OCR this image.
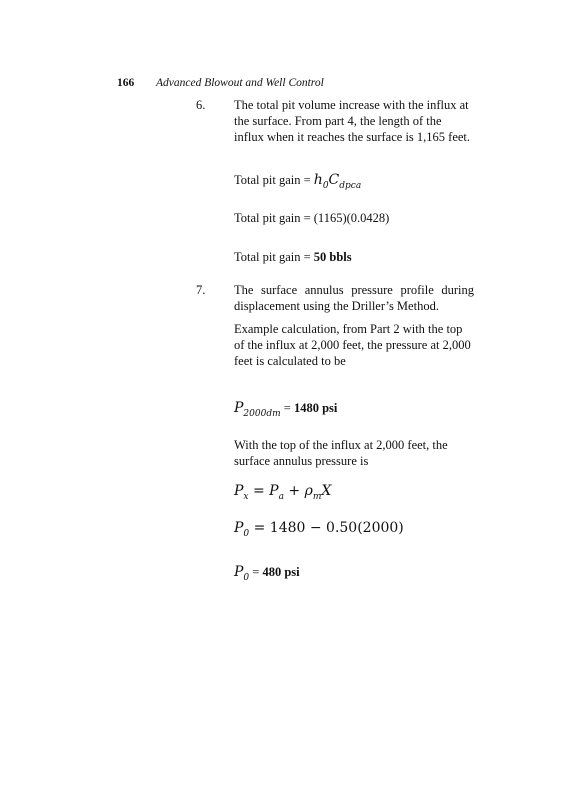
166 Advanced Blowout and Well Control
6. The total pit volume increase with the influx at the surface. From part 4, the length of the influx when it reaches the surface is 1,165 feet.
Total pit gain = $h_0C_{dpca}$
Total pit gain = (1165)(0.0428)
Total pit gain = 50 bbls
7. The surface annulus pressure profile during displacement using the Driller’s Method.
Example calculation, from Part 2 with the top of the influx at 2,000 feet, the pressure at 2,000 feet is calculated to be
$P_{2000dm} = 1480$ psi
With the top of the influx at 2,000 feet, the surface annulus pressure is
$P_x = P_a + \rho_mX$
$P_0 = 1480 - 0.50(2000)$
$P_0 = 480$ psi
